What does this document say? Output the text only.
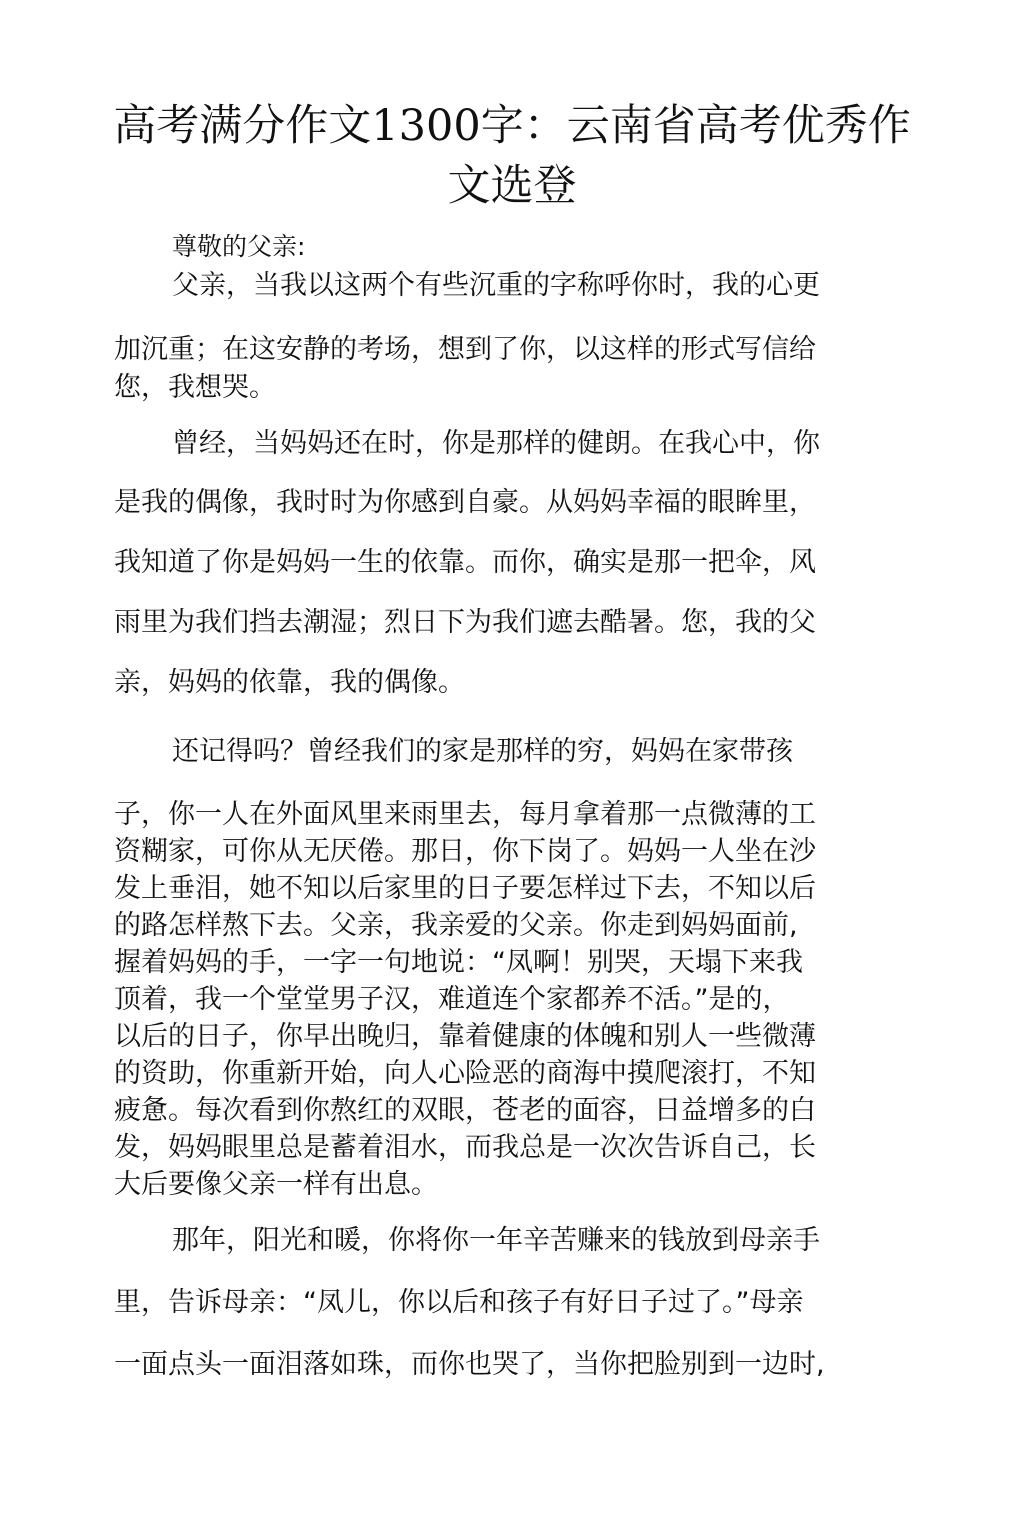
高考满分作文1300字：云南省高考优秀作
文选登

尊敬的父亲:

父亲，当我以这两个有些沉重的字称呼你时，我的心更

加沉重；在这安静的考场，想到了你，以这样的形式写信给

您，我想哭。

曾经，当妈妈还在时，你是那样的健朗。在我心中，你

是我的偶像，我时时为你感到自豪。从妈妈幸福的眼眸里，

我知道了你是妈妈一生的依靠。而你，确实是那一把伞，风

雨里为我们挡去潮湿；烈日下为我们遮去酷暑。您，我的父

亲，妈妈的依靠，我的偶像。

还记得吗？曾经我们的家是那样的穷，妈妈在家带孩

子，你一人在外面风里来雨里去，每月拿着那一点微薄的工

资糊家，可你从无厌倦。那日，你下岗了。妈妈一人坐在沙

发上垂泪，她不知以后家里的日子要怎样过下去，不知以后

的路怎样熬下去。父亲，我亲爱的父亲。你走到妈妈面前,

握着妈妈的手，一字一句地说：“凤啊！别哭，天塌下来我

顶着，我一个堂堂男子汉，难道连个家都养不活。”是的，

以后的日子，你早出晚归，靠着健康的体魄和别人一些微薄

的资助，你重新开始，向人心险恶的商海中摸爬滚打，不知

疲惫。每次看到你熬红的双眼，苍老的面容，日益增多的白

发，妈妈眼里总是蓄着泪水，而我总是一次次告诉自己，长

大后要像父亲一样有出息。

那年，阳光和暖，你将你一年辛苦赚来的钱放到母亲手

里，告诉母亲：“凤儿，你以后和孩子有好日子过了。”母亲

一面点头一面泪落如珠，而你也哭了，当你把脸别到一边时,
